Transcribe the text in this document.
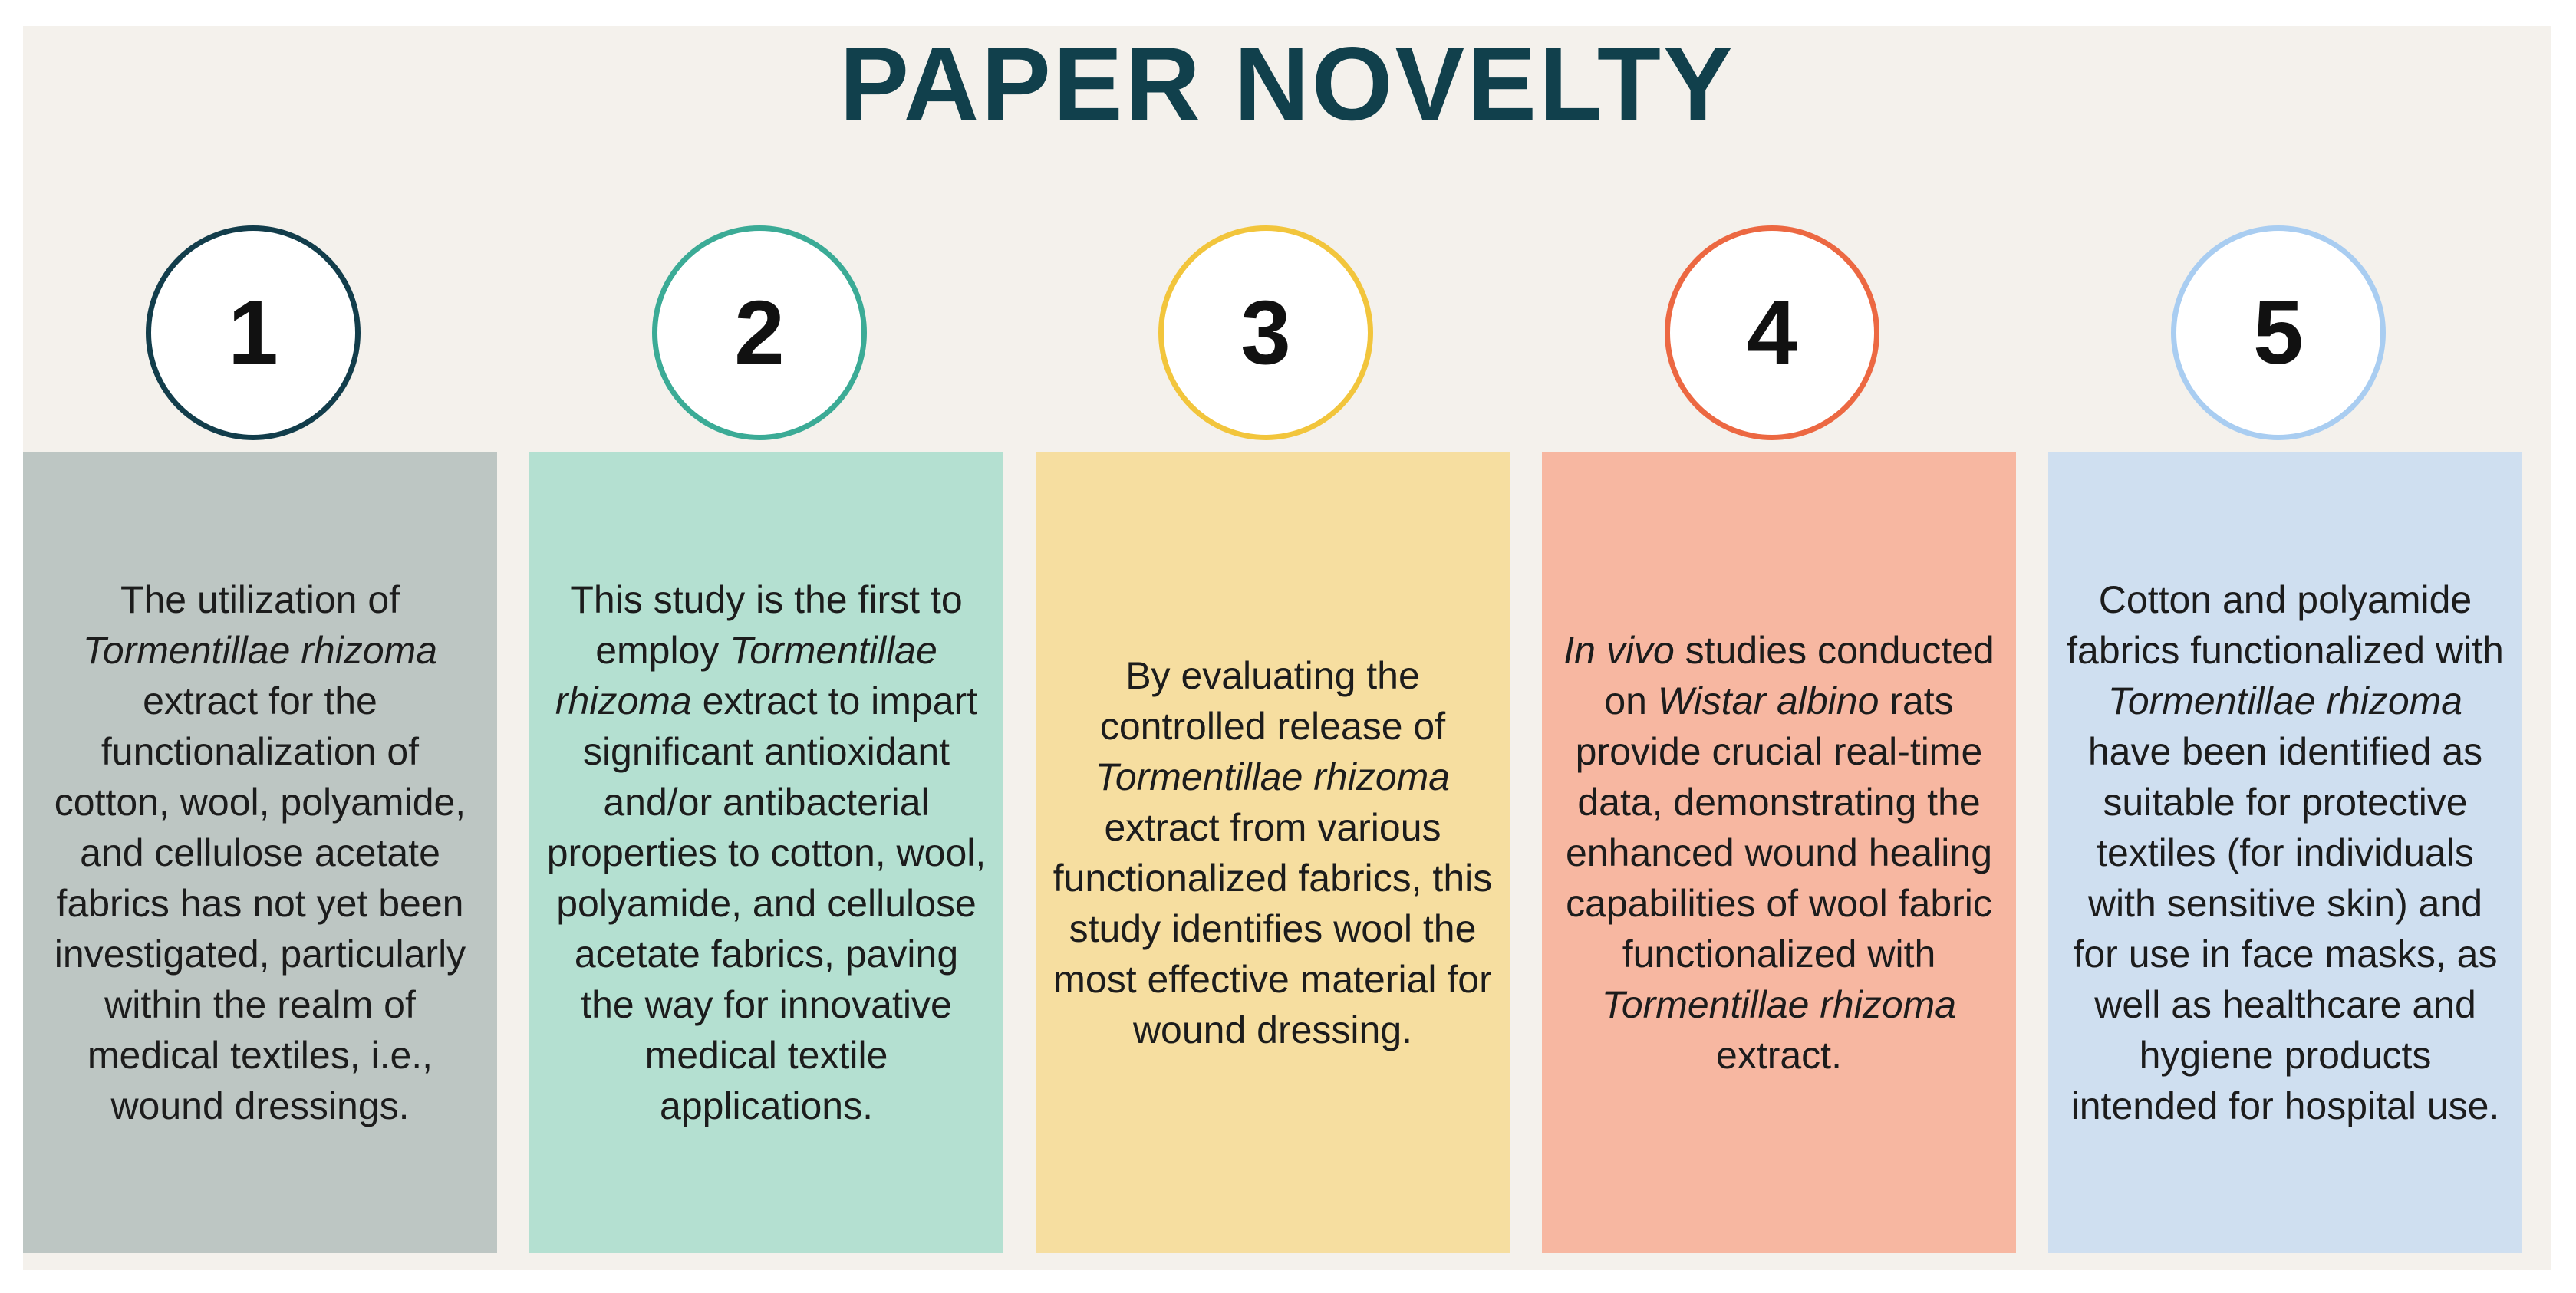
PAPER NOVELTY
1

The utilization of Tormentillae rhizoma extract for the functionalization of cotton, wool, polyamide, and cellulose acetate fabrics has not yet been investigated, particularly within the realm of medical textiles, i.e., wound dressings.

2

This study is the first to employ Tormentillae rhizoma extract to impart significant antioxidant and/or antibacterial properties to cotton, wool, polyamide, and cellulose acetate fabrics, paving the way for innovative medical textile applications.

3

By evaluating the controlled release of Tormentillae rhizoma extract from various functionalized fabrics, this study identifies wool the most effective material for wound dressing.

4

In vivo studies conducted on Wistar albino rats provide crucial real-time data, demonstrating the enhanced wound healing capabilities of wool fabric functionalized with Tormentillae rhizoma extract.

5

Cotton and polyamide fabrics functionalized with Tormentillae rhizoma have been identified as suitable for protective textiles (for individuals with sensitive skin) and for use in face masks, as well as healthcare and hygiene products intended for hospital use.
